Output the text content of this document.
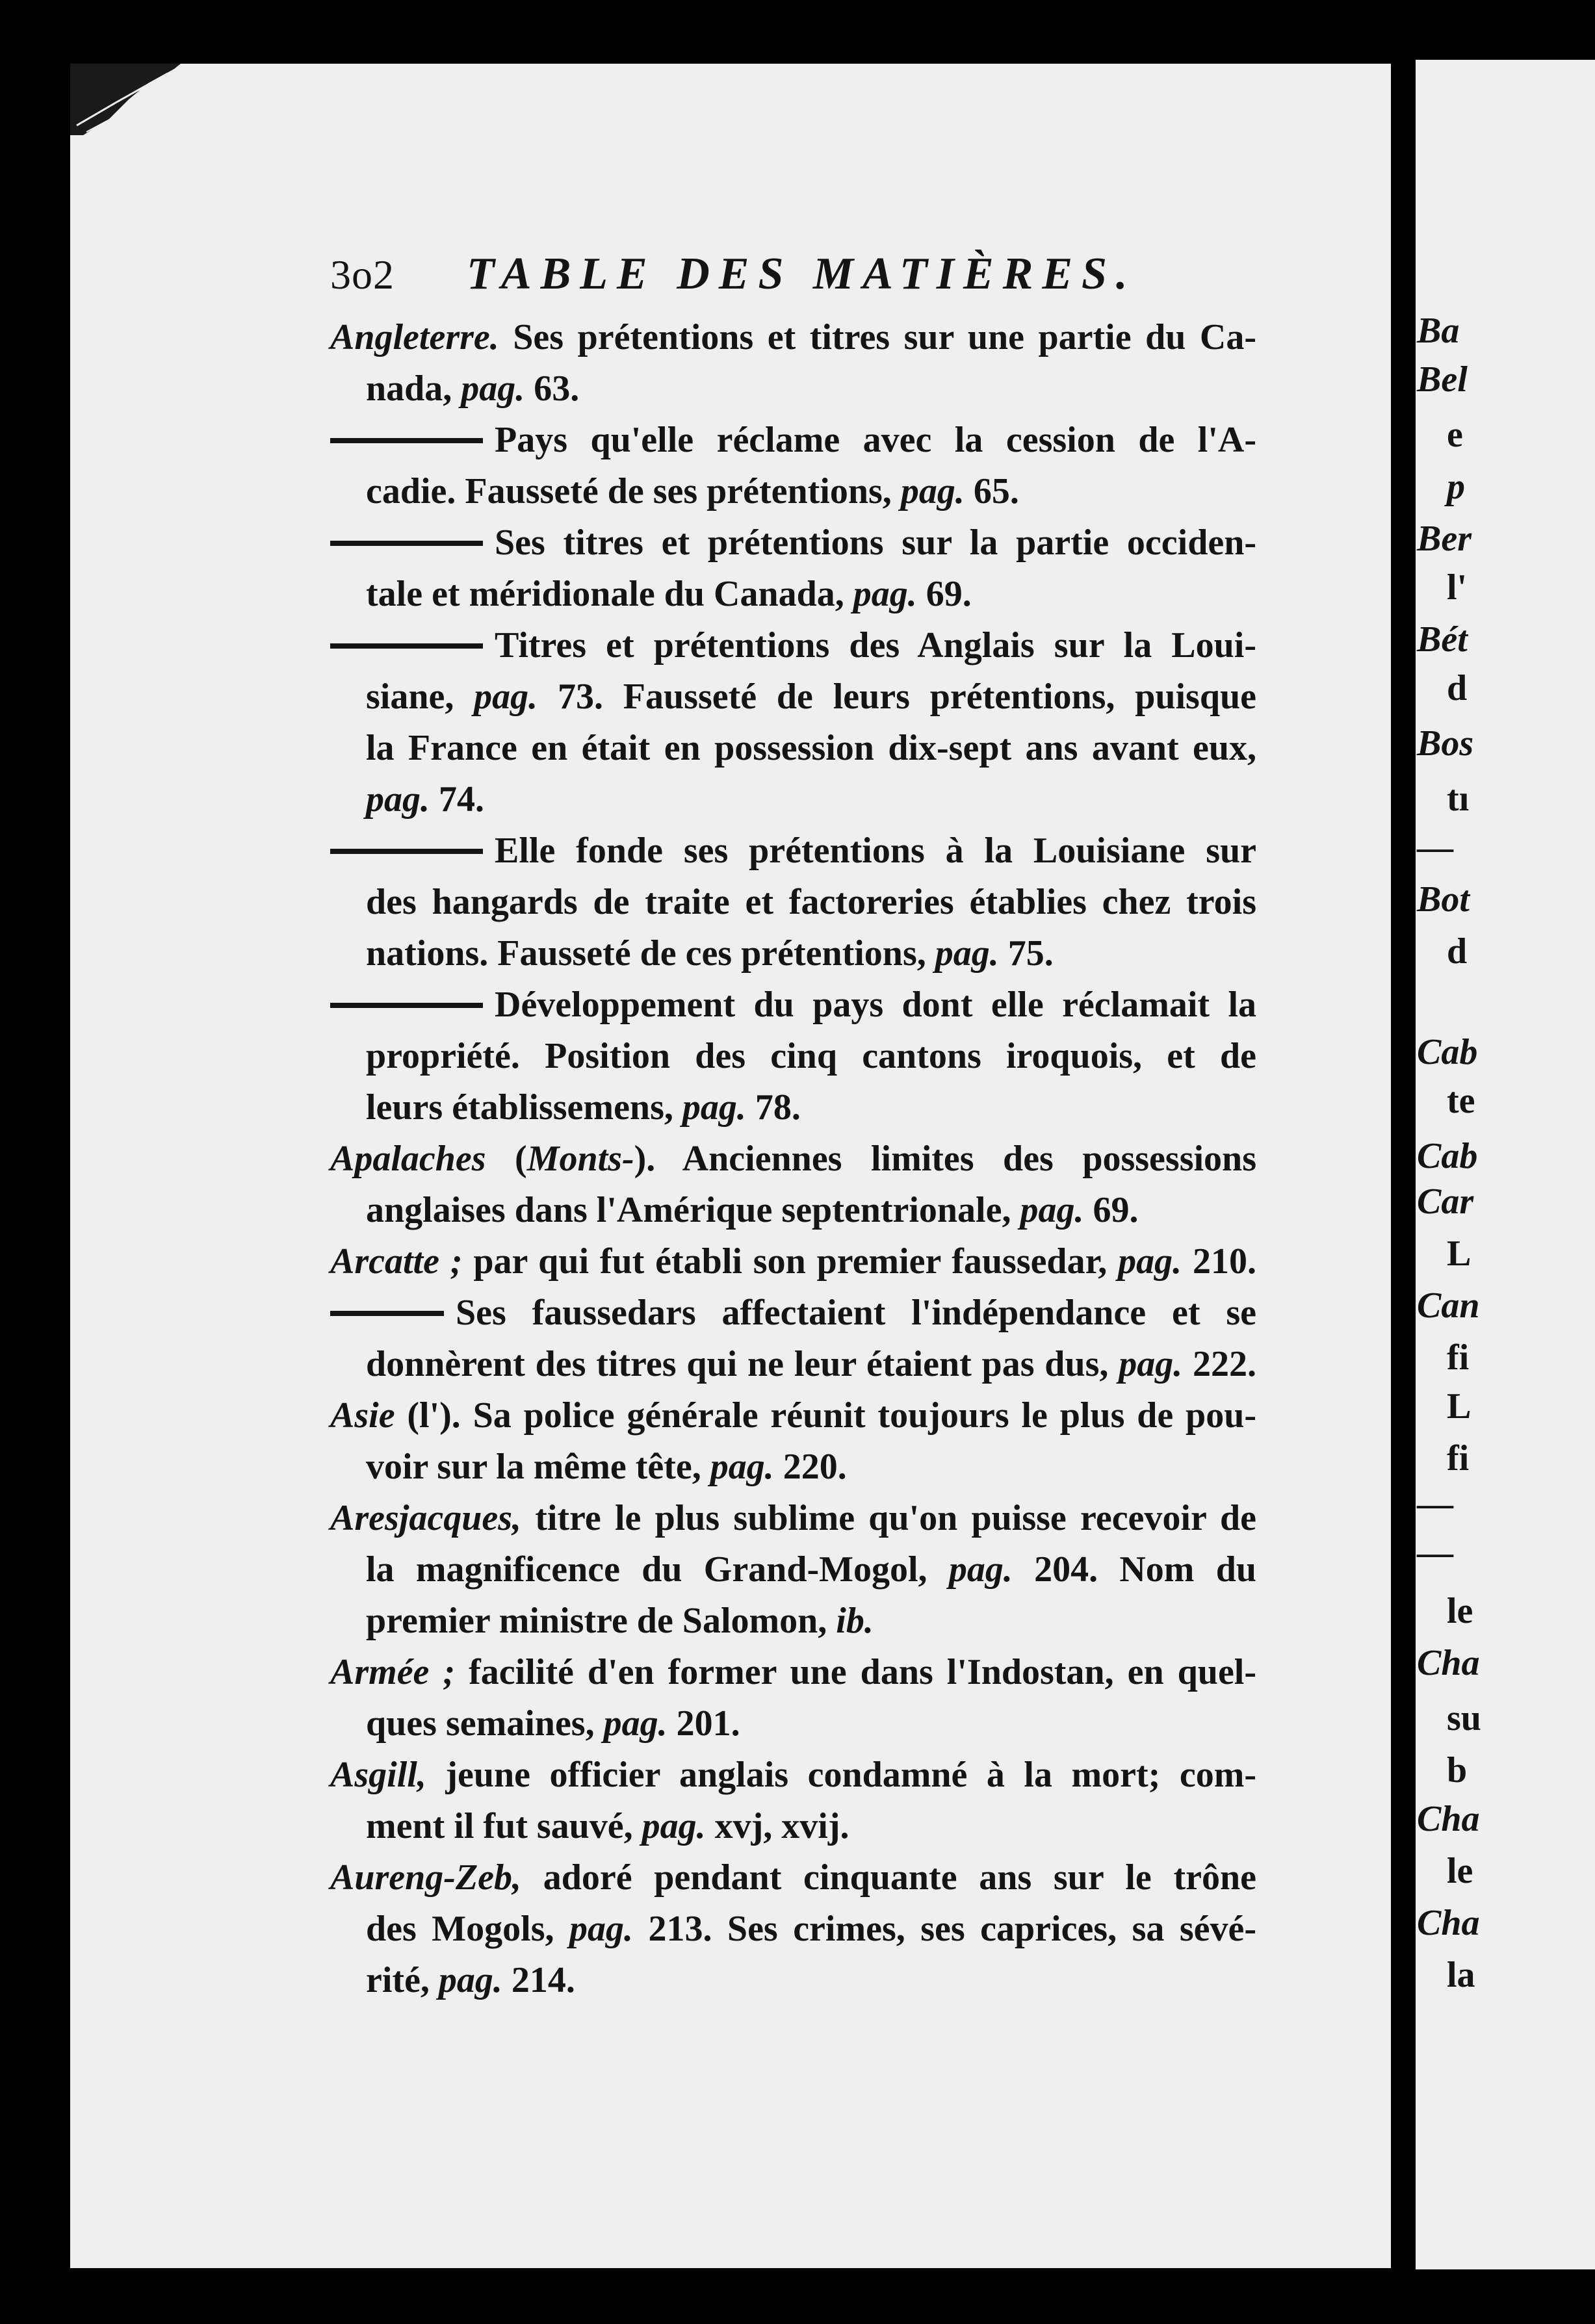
3o2 TABLE DES MATIÈRES.
Angleterre. Ses prétentions et titres sur une partie du Ca-
nada, pag. 63.
Pays qu'elle réclame avec la cession de l'A-
cadie. Fausseté de ses prétentions, pag. 65.
Ses titres et prétentions sur la partie occiden-
tale et méridionale du Canada, pag. 69.
Titres et prétentions des Anglais sur la Loui-
siane, pag. 73. Fausseté de leurs prétentions, puisque
la France en était en possession dix-sept ans avant eux,
pag. 74.
Elle fonde ses prétentions à la Louisiane sur
des hangards de traite et factoreries établies chez trois
nations. Fausseté de ces prétentions, pag. 75.
Développement du pays dont elle réclamait la
propriété. Position des cinq cantons iroquois, et de
leurs établissemens, pag. 78.
Apalaches (Monts-). Anciennes limites des possessions
anglaises dans l'Amérique septentrionale, pag. 69.
Arcatte ; par qui fut établi son premier faussedar, pag. 210.
Ses faussedars affectaient l'indépendance et se
donnèrent des titres qui ne leur étaient pas dus, pag. 222.
Asie (l'). Sa police générale réunit toujours le plus de pou-
voir sur la même tête, pag. 220.
Aresjacques, titre le plus sublime qu'on puisse recevoir de
la magnificence du Grand-Mogol, pag. 204. Nom du
premier ministre de Salomon, ib.
Armée ; facilité d'en former une dans l'Indostan, en quel-
ques semaines, pag. 201.
Asgill, jeune officier anglais condamné à la mort; com-
ment il fut sauvé, pag. xvj, xvij.
Aureng-Zeb, adoré pendant cinquante ans sur le trône
des Mogols, pag. 213. Ses crimes, ses caprices, sa sévé-
rité, pag. 214.
Ba
Bel
e
p
Ber
l'
Bét
d
Bos
tı
—
Bot
d
Cab
te
Cab
Car
L
Can
fi
L
fi
—
—
le
Cha
su
b
Cha
le
Cha
la
